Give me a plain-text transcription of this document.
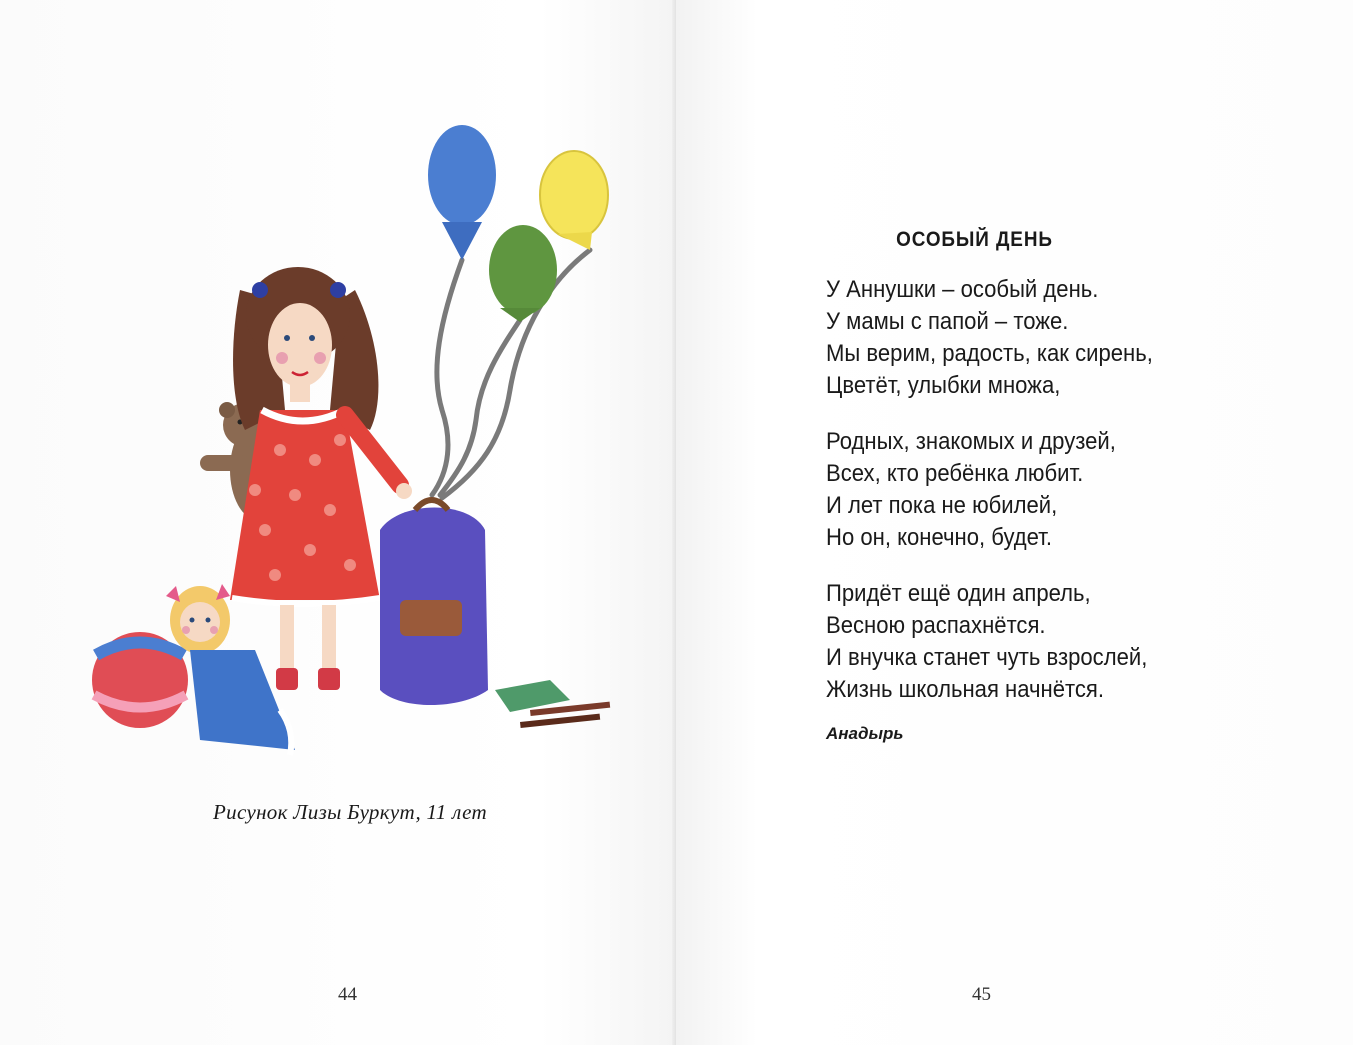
Рисунок Лизы Буркут, 11 лет
44	45
ОСОБЫЙ ДЕНЬ
У Аннушки – особый день.
У мамы с папой – тоже.
Мы верим, радость, как сирень,
Цветёт, улыбки множа,
Родных, знакомых и друзей,
Всех, кто ребёнка любит.
И лет пока не юбилей,
Но он, конечно, будет.
Придёт ещё один апрель,
Весною распахнётся.
И внучка станет чуть взрослей,
Жизнь школьная начнётся.
Анадырь
